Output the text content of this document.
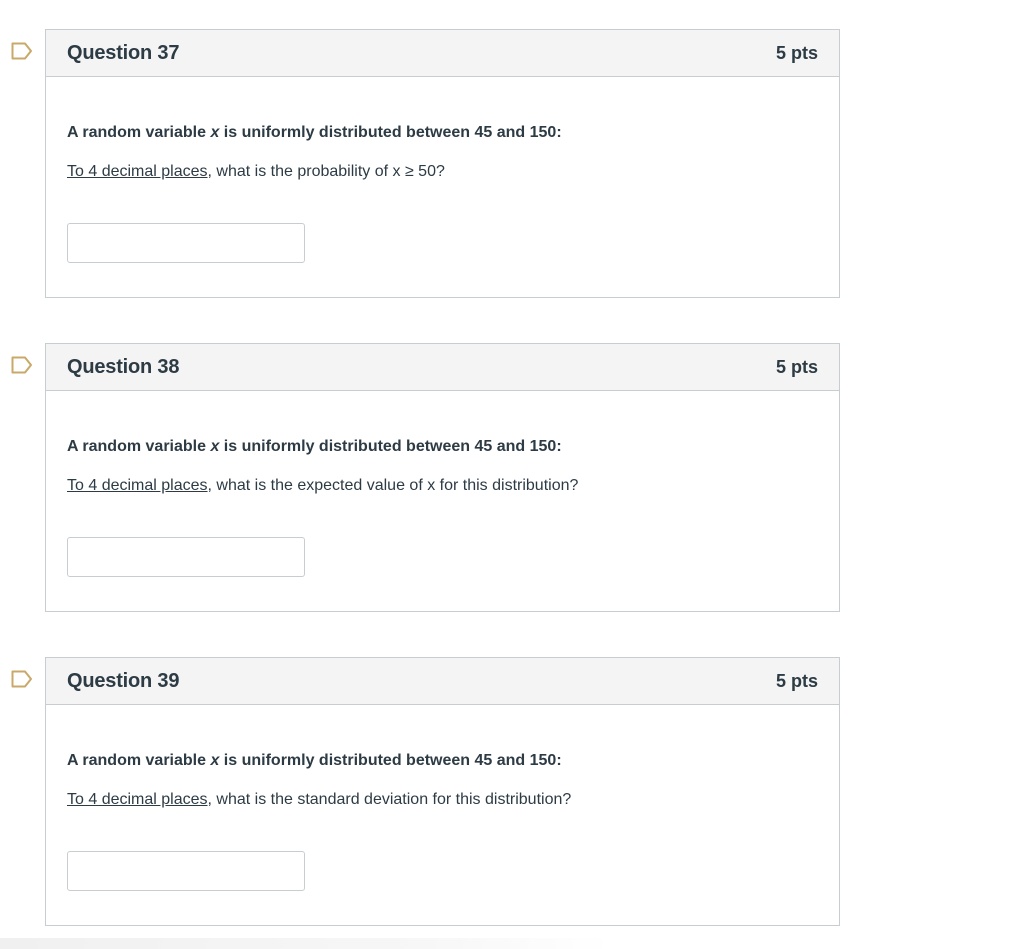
Question 37	5 pts
A random variable x is uniformly distributed between 45 and 150:
To 4 decimal places, what is the probability of x ≥ 50?
Question 38	5 pts
A random variable x is uniformly distributed between 45 and 150:
To 4 decimal places, what is the expected value of x for this distribution?
Question 39	5 pts
A random variable x is uniformly distributed between 45 and 150:
To 4 decimal places, what is the standard deviation for this distribution?
